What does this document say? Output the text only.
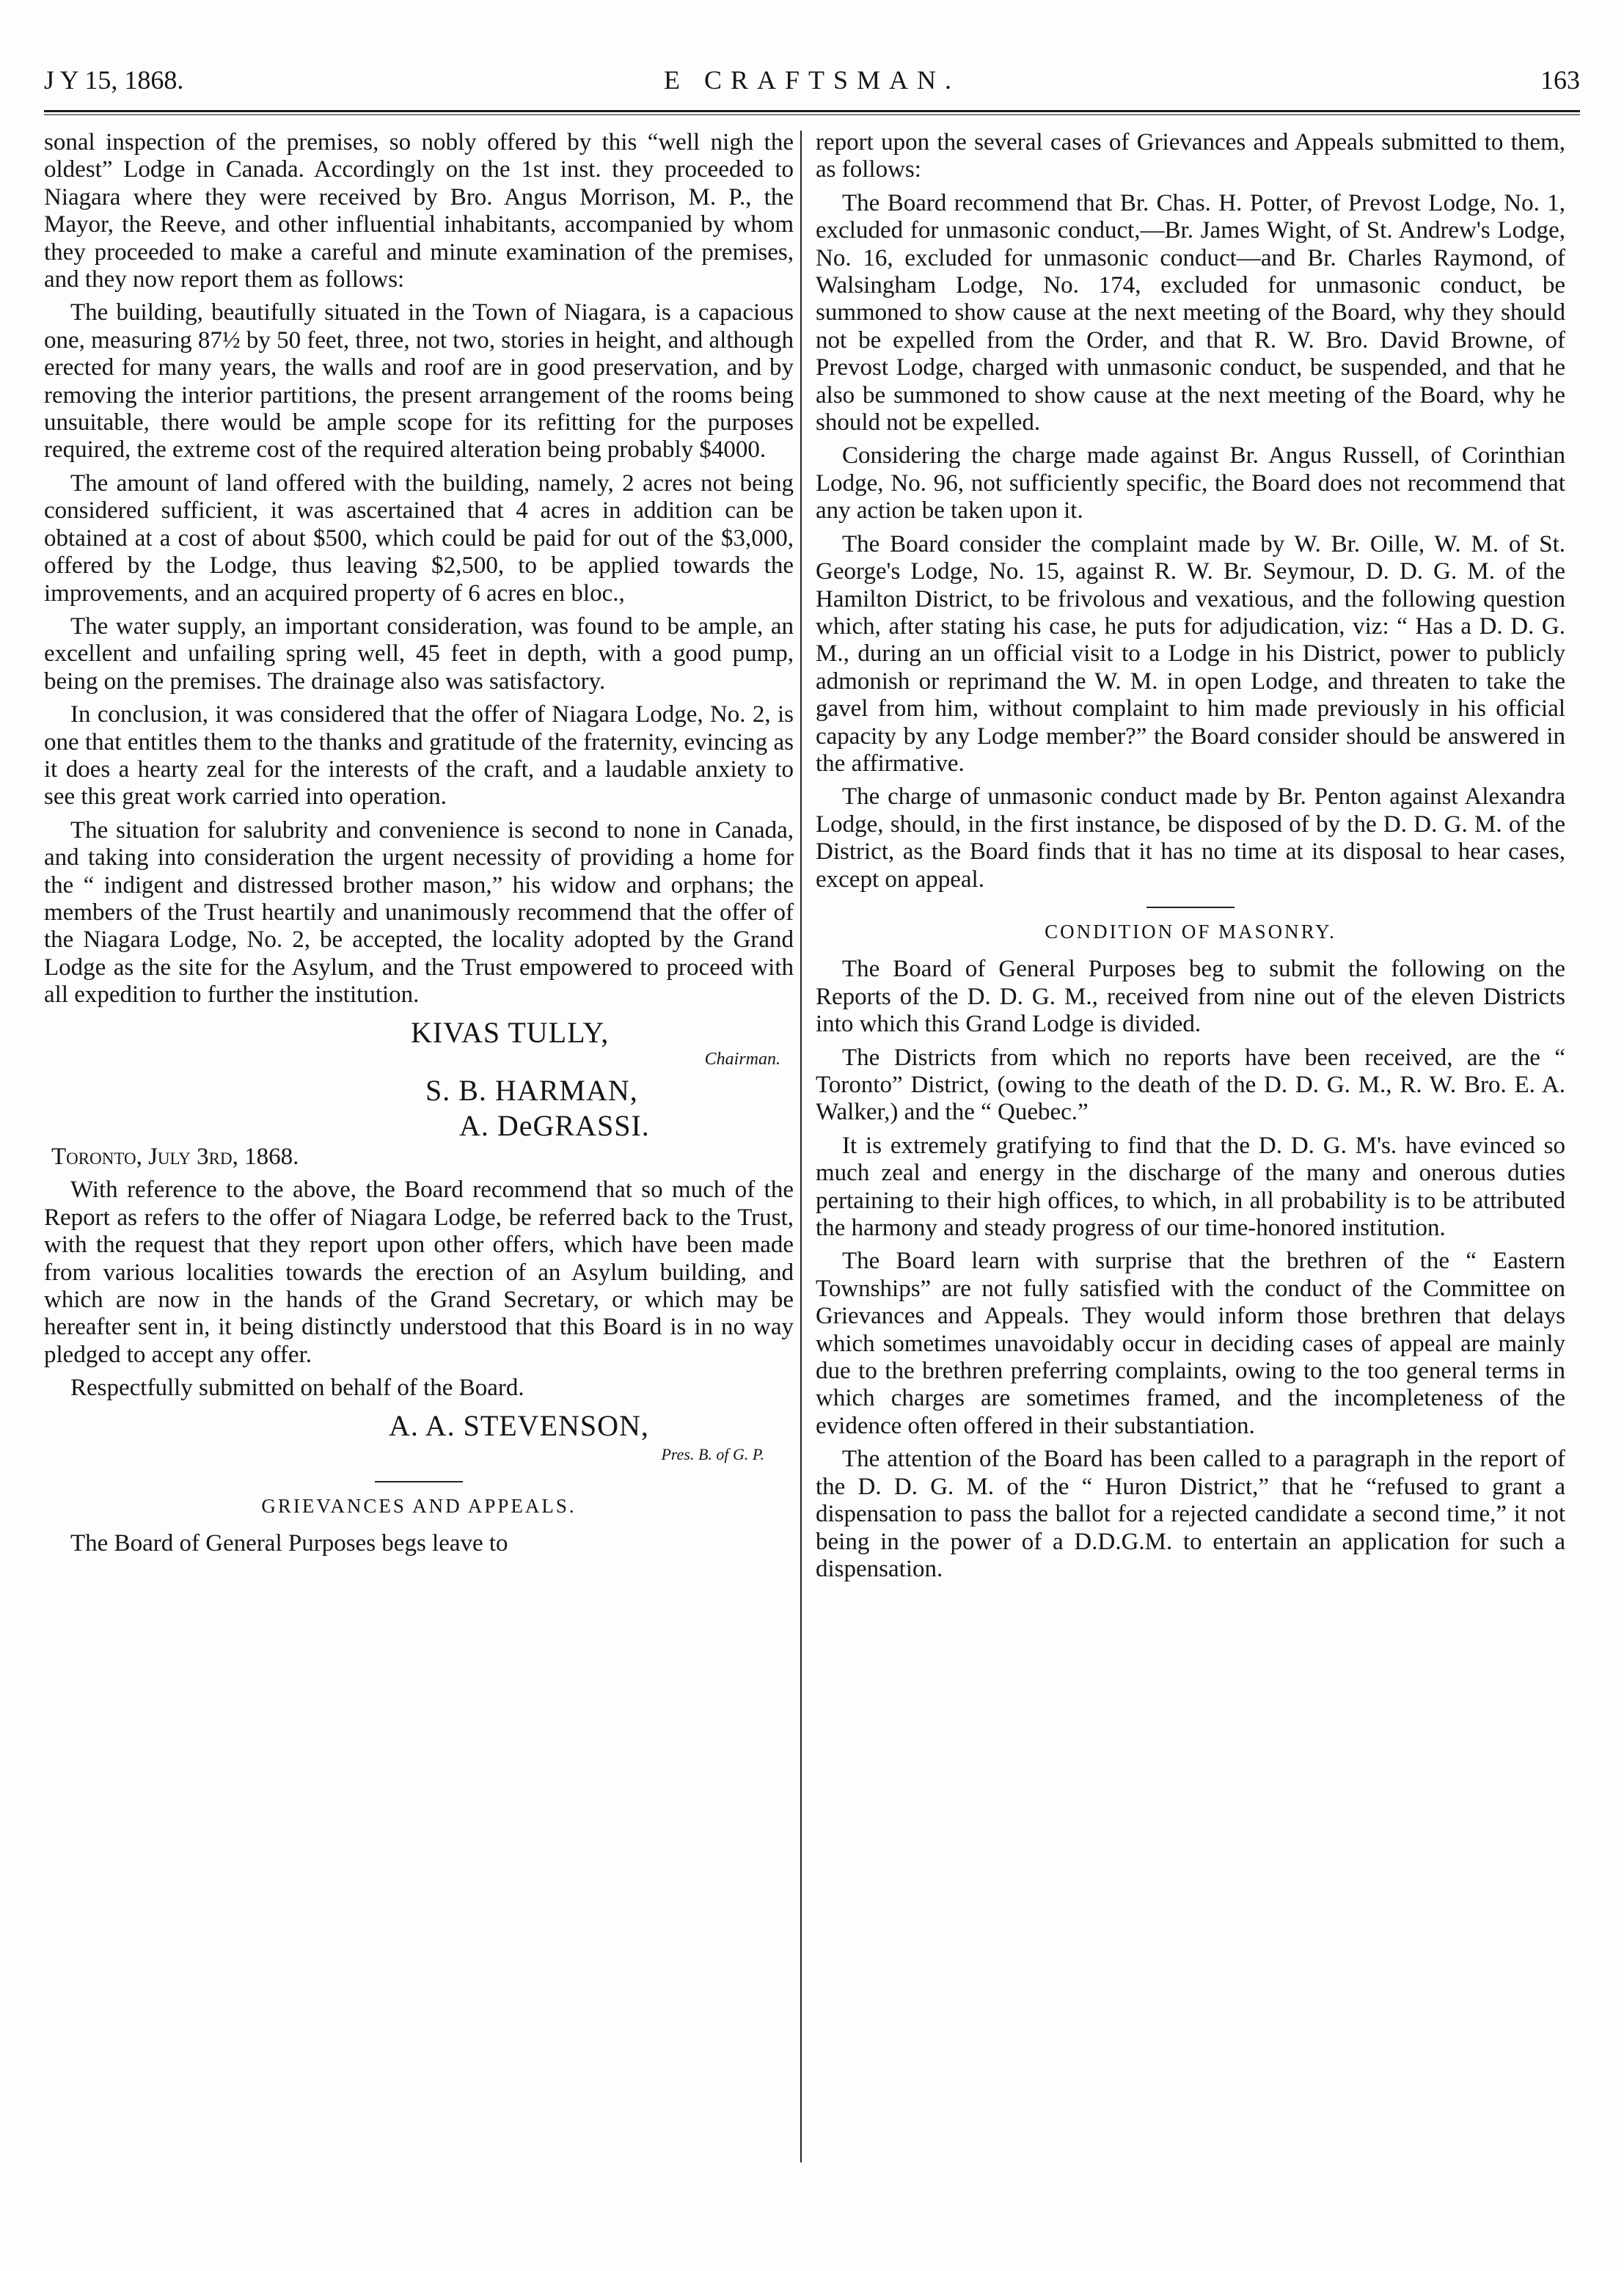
J Y 15, 1868.	E CRAFTSMAN.	163

sonal inspection of the premises, so nobly offered by this “well nigh the oldest” Lodge in Canada. Accordingly on the 1st inst. they proceeded to Niagara where they were received by Bro. Angus Morrison, M. P., the Mayor, the Reeve, and other influential inhabitants, accompanied by whom they proceeded to make a careful and minute examination of the premises, and they now report them as follows:

The building, beautifully situated in the Town of Niagara, is a capacious one, measuring 87½ by 50 feet, three, not two, stories in height, and although erected for many years, the walls and roof are in good preservation, and by removing the interior partitions, the present arrangement of the rooms being unsuitable, there would be ample scope for its refitting for the purposes required, the extreme cost of the required alteration being probably $4000.

The amount of land offered with the building, namely, 2 acres not being considered sufficient, it was ascertained that 4 acres in addition can be obtained at a cost of about $500, which could be paid for out of the $3,000, offered by the Lodge, thus leaving $2,500, to be applied towards the improvements, and an acquired property of 6 acres en bloc.,

The water supply, an important consideration, was found to be ample, an excellent and unfailing spring well, 45 feet in depth, with a good pump, being on the premises. The drainage also was satisfactory.

In conclusion, it was considered that the offer of Niagara Lodge, No. 2, is one that entitles them to the thanks and gratitude of the fraternity, evincing as it does a hearty zeal for the interests of the craft, and a laudable anxiety to see this great work carried into operation.

The situation for salubrity and convenience is second to none in Canada, and taking into consideration the urgent necessity of providing a home for the “ indigent and distressed brother mason,” his widow and orphans; the members of the Trust heartily and unanimously recommend that the offer of the Niagara Lodge, No. 2, be accepted, the locality adopted by the Grand Lodge as the site for the Asylum, and the Trust empowered to proceed with all expedition to further the institution.

KIVAS TULLY,
Chairman.
S. B. HARMAN,
A. DeGRASSI.

Toronto, July 3rd, 1868.

With reference to the above, the Board recommend that so much of the Report as refers to the offer of Niagara Lodge, be referred back to the Trust, with the request that they report upon other offers, which have been made from various localities towards the erection of an Asylum building, and which are now in the hands of the Grand Secretary, or which may be hereafter sent in, it being distinctly understood that this Board is in no way pledged to accept any offer.

Respectfully submitted on behalf of the Board.

A. A. STEVENSON,
Pres. B. of G. P.
GRIEVANCES AND APPEALS.

The Board of General Purposes begs leave to

report upon the several cases of Grievances and Appeals submitted to them, as follows:

The Board recommend that Br. Chas. H. Potter, of Prevost Lodge, No. 1, excluded for unmasonic conduct,—Br. James Wight, of St. Andrew's Lodge, No. 16, excluded for unmasonic conduct—and Br. Charles Raymond, of Walsingham Lodge, No. 174, excluded for unmasonic conduct, be summoned to show cause at the next meeting of the Board, why they should not be expelled from the Order, and that R. W. Bro. David Browne, of Prevost Lodge, charged with unmasonic conduct, be suspended, and that he also be summoned to show cause at the next meeting of the Board, why he should not be expelled.

Considering the charge made against Br. Angus Russell, of Corinthian Lodge, No. 96, not sufficiently specific, the Board does not recommend that any action be taken upon it.

The Board consider the complaint made by W. Br. Oille, W. M. of St. George's Lodge, No. 15, against R. W. Br. Seymour, D. D. G. M. of the Hamilton District, to be frivolous and vexatious, and the following question which, after stating his case, he puts for adjudication, viz: “ Has a D. D. G. M., during an un official visit to a Lodge in his District, power to publicly admonish or reprimand the W. M. in open Lodge, and threaten to take the gavel from him, without complaint to him made previously in his official capacity by any Lodge member?” the Board consider should be answered in the affirmative.

The charge of unmasonic conduct made by Br. Penton against Alexandra Lodge, should, in the first instance, be disposed of by the D. D. G. M. of the District, as the Board finds that it has no time at its disposal to hear cases, except on appeal.

CONDITION OF MASONRY.

The Board of General Purposes beg to submit the following on the Reports of the D. D. G. M., received from nine out of the eleven Districts into which this Grand Lodge is divided.

The Districts from which no reports have been received, are the “ Toronto” District, (owing to the death of the D. D. G. M., R. W. Bro. E. A. Walker,) and the “ Quebec.”

It is extremely gratifying to find that the D. D. G. M's. have evinced so much zeal and energy in the discharge of the many and onerous duties pertaining to their high offices, to which, in all probability is to be attributed the harmony and steady progress of our time-honored institution.

The Board learn with surprise that the brethren of the “ Eastern Townships” are not fully satisfied with the conduct of the Committee on Grievances and Appeals. They would inform those brethren that delays which sometimes unavoidably occur in deciding cases of appeal are mainly due to the brethren preferring complaints, owing to the too general terms in which charges are sometimes framed, and the incompleteness of the evidence often offered in their substantiation.

The attention of the Board has been called to a paragraph in the report of the D. D. G. M. of the “ Huron District,” that he “refused to grant a dispensation to pass the ballot for a rejected candidate a second time,” it not being in the power of a D.D.G.M. to entertain an application for such a dispensation.
